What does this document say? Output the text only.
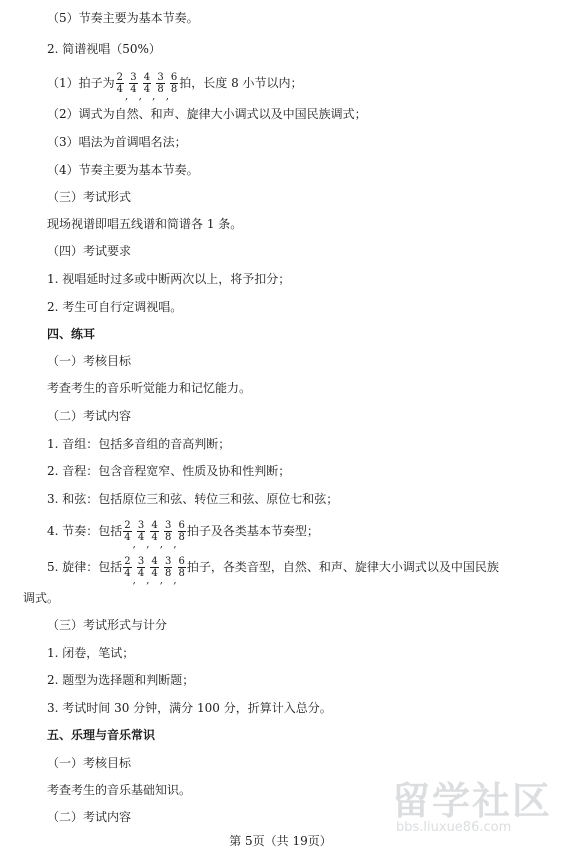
（5）节奏主要为基本节奏。
2. 简谱视唱（50%）
（1）拍子为 $\frac{2}{4}$
,
$\frac{3}{4}$
,
$\frac{4}{4}$
,
$\frac{3}{8}$
,
$\frac{6}{8}$ 拍，长度 8 小节以内；
（2）调式为自然、和声、旋律大小调式以及中国民族调式；
（3）唱法为首调唱名法；
（4）节奏主要为基本节奏。
（三）考试形式
现场视谱即唱五线谱和简谱各 1 条。
（四）考试要求
1. 视唱延时过多或中断两次以上，将予扣分；
2. 考生可自行定调视唱。
四、练耳
（一）考核目标
考查考生的音乐听觉能力和记忆能力。
（二）考试内容
1. 音组：包括多音组的音高判断；
2. 音程：包含音程宽窄、性质及协和性判断；
3. 和弦：包括原位三和弦、转位三和弦、原位七和弦；
4. 节奏：包括 $\frac{2}{4}$
,
$\frac{3}{4}$
,
$\frac{4}{4}$
,
$\frac{3}{8}$
,
$\frac{6}{8}$ 拍子及各类基本节奏型；
5. 旋律：包括 $\frac{2}{4}$
,
$\frac{3}{4}$
,
$\frac{4}{4}$
,
$\frac{3}{8}$
,
$\frac{6}{8}$ 拍子，各类音型，自然、和声、旋律大小调式以及中国民族
调式。
（三）考试形式与计分
1. 闭卷，笔试；
2. 题型为选择题和判断题；
3. 考试时间 30 分钟，满分 100 分，折算计入总分。
五、乐理与音乐常识
（一）考核目标
考查考生的音乐基础知识。
（二）考试内容	留学社区
bbs.liuxue86.com
第 5页（共 19页）
